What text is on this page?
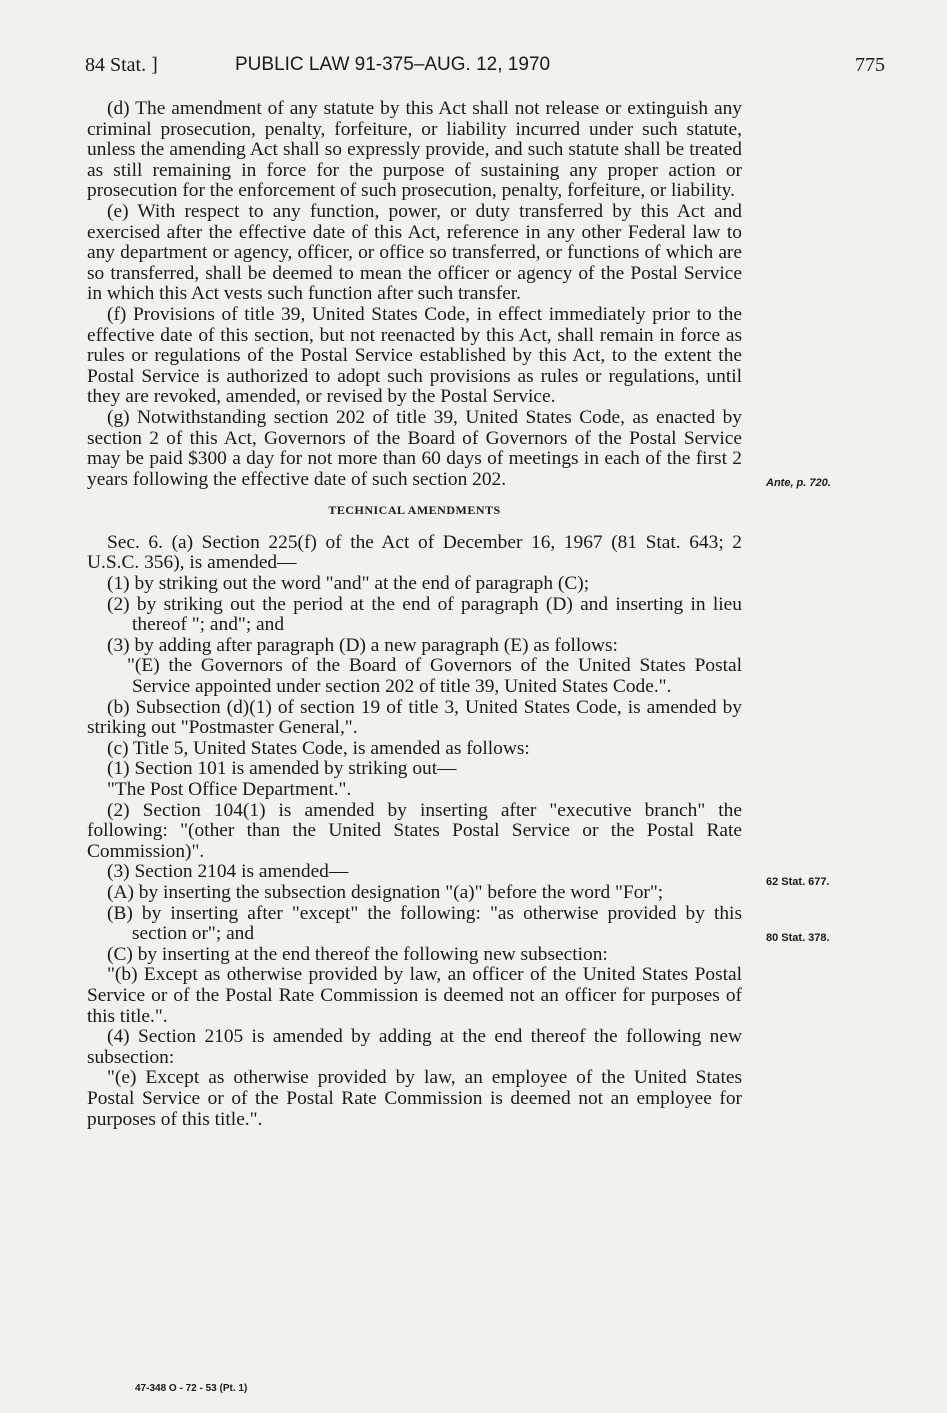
84 Stat. ]	PUBLIC LAW 91-375–AUG. 12, 1970	775

(d) The amendment of any statute by this Act shall not release or extinguish any criminal prosecution, penalty, forfeiture, or liability incurred under such statute, unless the amending Act shall so expressly provide, and such statute shall be treated as still remaining in force for the purpose of sustaining any proper action or prosecution for the enforcement of such prosecution, penalty, forfeiture, or liability.

(e) With respect to any function, power, or duty transferred by this Act and exercised after the effective date of this Act, reference in any other Federal law to any department or agency, officer, or office so transferred, or functions of which are so transferred, shall be deemed to mean the officer or agency of the Postal Service in which this Act vests such function after such transfer.

(f) Provisions of title 39, United States Code, in effect immediately prior to the effective date of this section, but not reenacted by this Act, shall remain in force as rules or regulations of the Postal Service established by this Act, to the extent the Postal Service is authorized to adopt such provisions as rules or regulations, until they are revoked, amended, or revised by the Postal Service.

(g) Notwithstanding section 202 of title 39, United States Code, as enacted by section 2 of this Act, Governors of the Board of Governors of the Postal Service may be paid $300 a day for not more than 60 days of meetings in each of the first 2 years following the effective date of such section 202.

TECHNICAL AMENDMENTS

Sec. 6. (a) Section 225(f) of the Act of December 16, 1967 (81 Stat. 643; 2 U.S.C. 356), is amended—

(1) by striking out the word "and" at the end of paragraph (C);

(2) by striking out the period at the end of paragraph (D) and inserting in lieu thereof "; and"; and

(3) by adding after paragraph (D) a new paragraph (E) as follows:

"(E) the Governors of the Board of Governors of the United States Postal Service appointed under section 202 of title 39, United States Code.".

(b) Subsection (d)(1) of section 19 of title 3, United States Code, is amended by striking out "Postmaster General,".

(c) Title 5, United States Code, is amended as follows:

(1) Section 101 is amended by striking out—

"The Post Office Department.".

(2) Section 104(1) is amended by inserting after "executive branch" the following: "(other than the United States Postal Service or the Postal Rate Commission)".

(3) Section 2104 is amended—

(A) by inserting the subsection designation "(a)" before the word "For";

(B) by inserting after "except" the following: "as otherwise provided by this section or"; and

(C) by inserting at the end thereof the following new subsection:

"(b) Except as otherwise provided by law, an officer of the United States Postal Service or of the Postal Rate Commission is deemed not an officer for purposes of this title.".

(4) Section 2105 is amended by adding at the end thereof the following new subsection:

"(e) Except as otherwise provided by law, an employee of the United States Postal Service or of the Postal Rate Commission is deemed not an employee for purposes of this title.".

Ante, p. 720.
62 Stat. 677.
80 Stat. 378.
47-348 O - 72 - 53 (Pt. 1)
